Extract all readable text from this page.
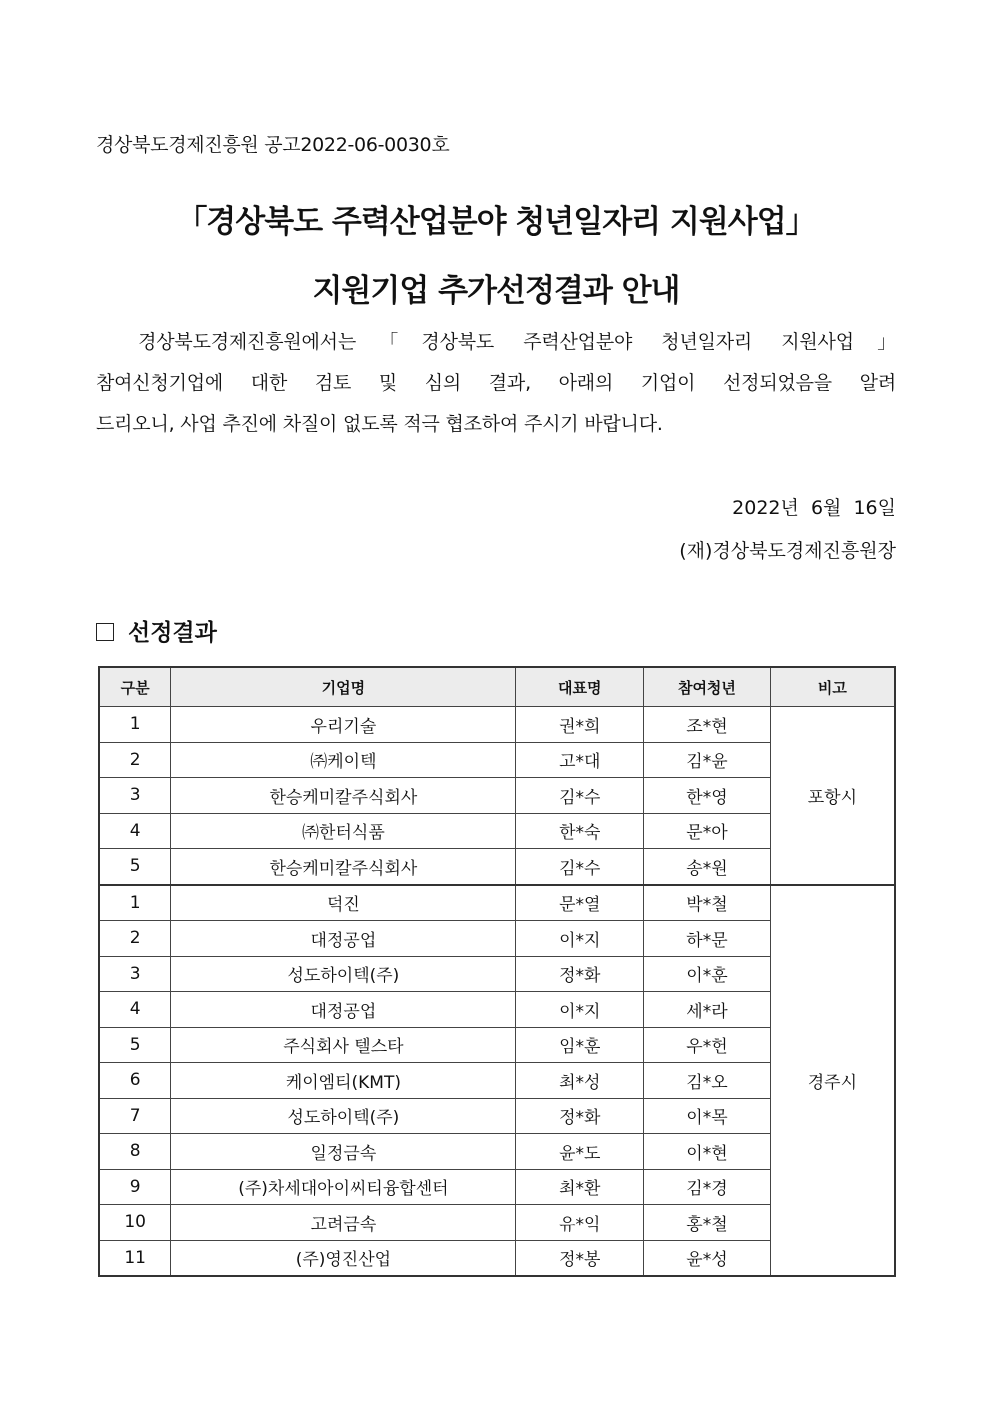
경상북도경제진흥원 공고2022-06-0030호
「경상북도 주력산업분야 청년일자리 지원사업」
지원기업 추가선정결과 안내
　경상북도경제진흥원에서는「경상북도 주력산업분야 청년일자리 지원사업」
참여신청기업에 대한 검토 및 심의 결과, 아래의 기업이 선정되었음을 알려
드리오니, 사업 추진에 차질이 없도록 적극 협조하여 주시기 바랍니다.
2022년  6월  16일
(재)경상북도경제진흥원장
선정결과
구분	기업명	대표명	참여청년	비고
1	우리기술	권*희	조*현	포항시
2	㈜케이텍	고*대	김*윤	
3	한승케미칼주식회사	김*수	한*영	
4	㈜한터식품	한*숙	문*아	
5	한승케미칼주식회사	김*수	송*원	
1	덕진	문*열	박*철	경주시
2	대정공업	이*지	하*문	
3	성도하이텍(주)	정*화	이*훈	
4	대정공업	이*지	세*라	
5	주식회사 텔스타	임*훈	우*헌	
6	케이엠티(KMT)	최*성	김*오	
7	성도하이텍(주)	정*화	이*목	
8	일정금속	윤*도	이*현	
9	(주)차세대아이씨티융합센터	최*환	김*경	
10	고려금속	유*익	홍*철	
11	(주)영진산업	정*봉	윤*성	
